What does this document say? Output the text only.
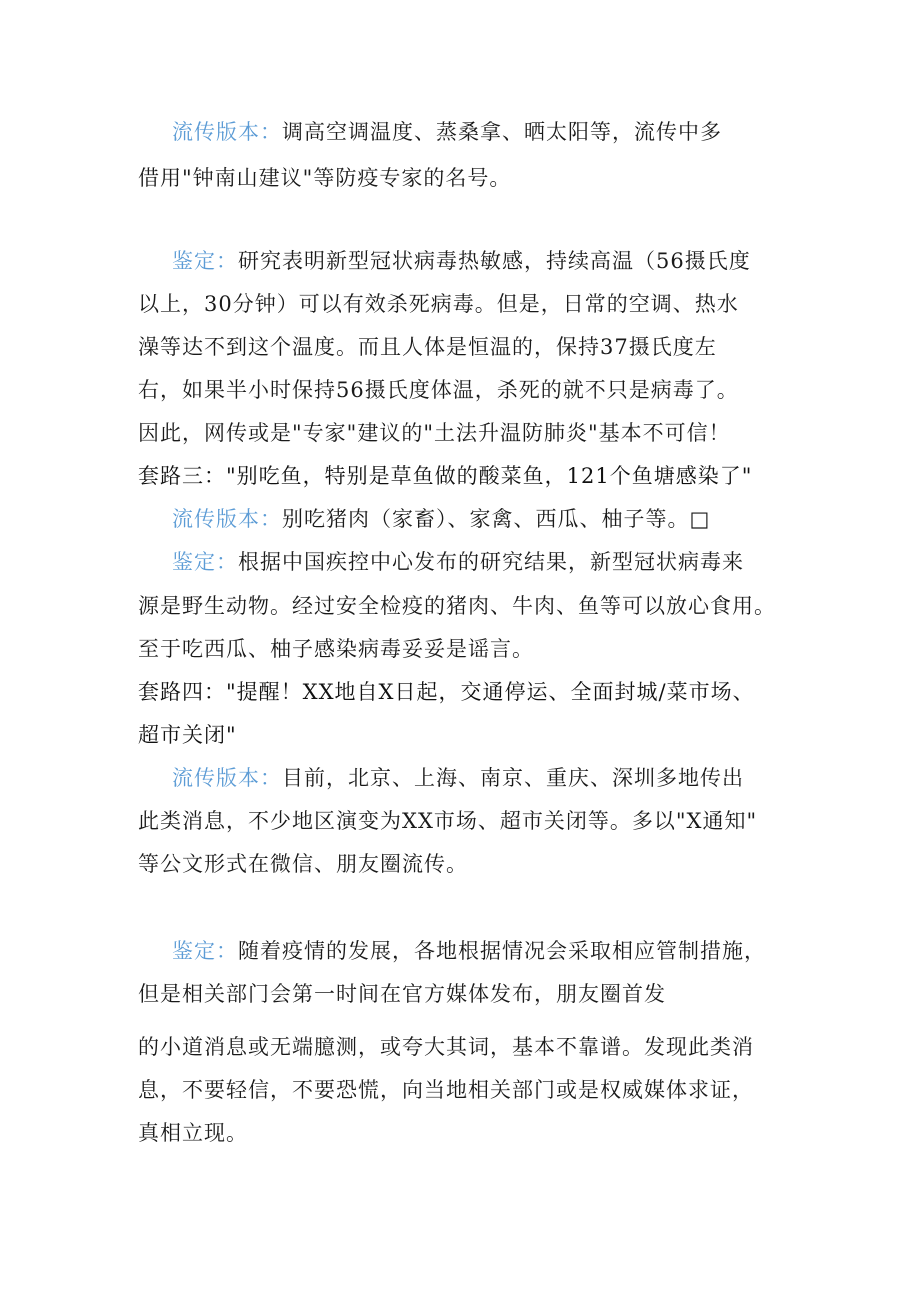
流传版本：调高空调温度、蒸桑拿、晒太阳等，流传中多
借用"钟南山建议"等防疫专家的名号。
鉴定：研究表明新型冠状病毒热敏感，持续高温（56摄氏度
以上，30分钟）可以有效杀死病毒。但是，日常的空调、热水
澡等达不到这个温度。而且人体是恒温的，保持37摄氏度左
右，如果半小时保持56摄氏度体温，杀死的就不只是病毒了。
因此，网传或是"专家"建议的"土法升温防肺炎"基本不可信！
套路三："别吃鱼，特别是草鱼做的酸菜鱼，121个鱼塘感染了"
流传版本：别吃猪肉（家畜）、家禽、西瓜、柚子等。□
鉴定：根据中国疾控中心发布的研究结果，新型冠状病毒来
源是野生动物。经过安全检疫的猪肉、牛肉、鱼等可以放心食用。
至于吃西瓜、柚子感染病毒妥妥是谣言。
套路四："提醒！XX地自X日起，交通停运、全面封城/菜市场、
超市关闭"
流传版本：目前，北京、上海、南京、重庆、深圳多地传出
此类消息，不少地区演变为XX市场、超市关闭等。多以"X通知"
等公文形式在微信、朋友圈流传。
鉴定：随着疫情的发展，各地根据情况会采取相应管制措施，
但是相关部门会第一时间在官方媒体发布，朋友圈首发
的小道消息或无端臆测，或夸大其词，基本不靠谱。发现此类消
息，不要轻信，不要恐慌，向当地相关部门或是权威媒体求证，
真相立现。
